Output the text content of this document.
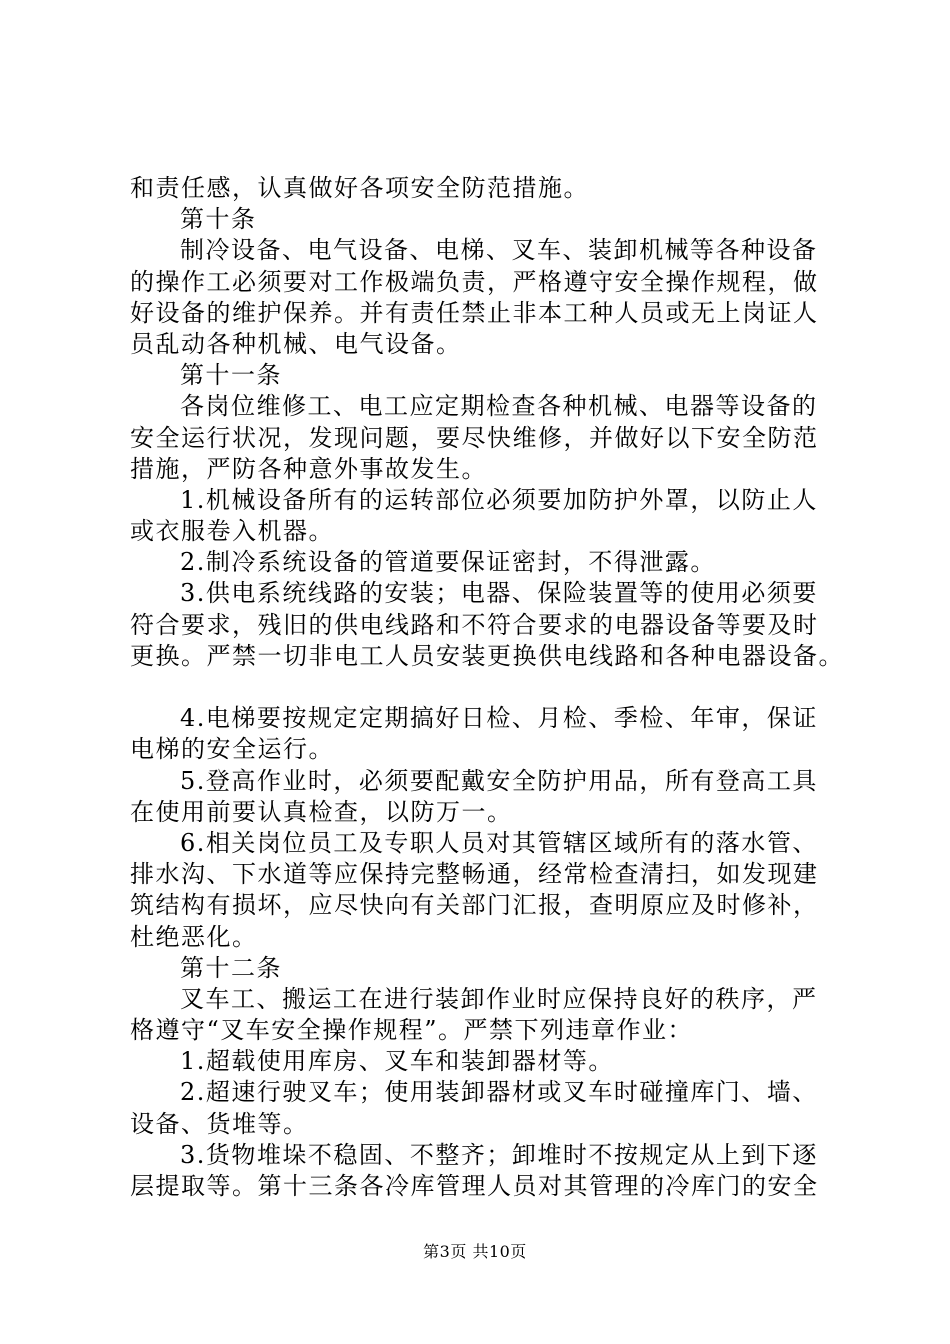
和责任感，认真做好各项安全防范措施。
第十条
制冷设备、电气设备、电梯、叉车、装卸机械等各种设备
的操作工必须要对工作极端负责，严格遵守安全操作规程，做
好设备的维护保养。并有责任禁止非本工种人员或无上岗证人
员乱动各种机械、电气设备。
第十一条
各岗位维修工、电工应定期检查各种机械、电器等设备的
安全运行状况，发现问题，要尽快维修，并做好以下安全防范
措施，严防各种意外事故发生。
1.机械设备所有的运转部位必须要加防护外罩，以防止人
或衣服卷入机器。
2.制冷系统设备的管道要保证密封，不得泄露。
3.供电系统线路的安装；电器、保险装置等的使用必须要
符合要求，残旧的供电线路和不符合要求的电器设备等要及时
更换。严禁一切非电工人员安装更换供电线路和各种电器设备。
4.电梯要按规定定期搞好日检、月检、季检、年审，保证
电梯的安全运行。
5.登高作业时，必须要配戴安全防护用品，所有登高工具
在使用前要认真检查，以防万一。
6.相关岗位员工及专职人员对其管辖区域所有的落水管、
排水沟、下水道等应保持完整畅通，经常检查清扫，如发现建
筑结构有损坏，应尽快向有关部门汇报，查明原应及时修补，
杜绝恶化。
第十二条
叉车工、搬运工在进行装卸作业时应保持良好的秩序，严
格遵守“叉车安全操作规程”。严禁下列违章作业：
1.超载使用库房、叉车和装卸器材等。
2.超速行驶叉车；使用装卸器材或叉车时碰撞库门、墙、
设备、货堆等。
3.货物堆垛不稳固、不整齐；卸堆时不按规定从上到下逐
层提取等。第十三条各冷库管理人员对其管理的冷库门的安全
第3页 共10页
